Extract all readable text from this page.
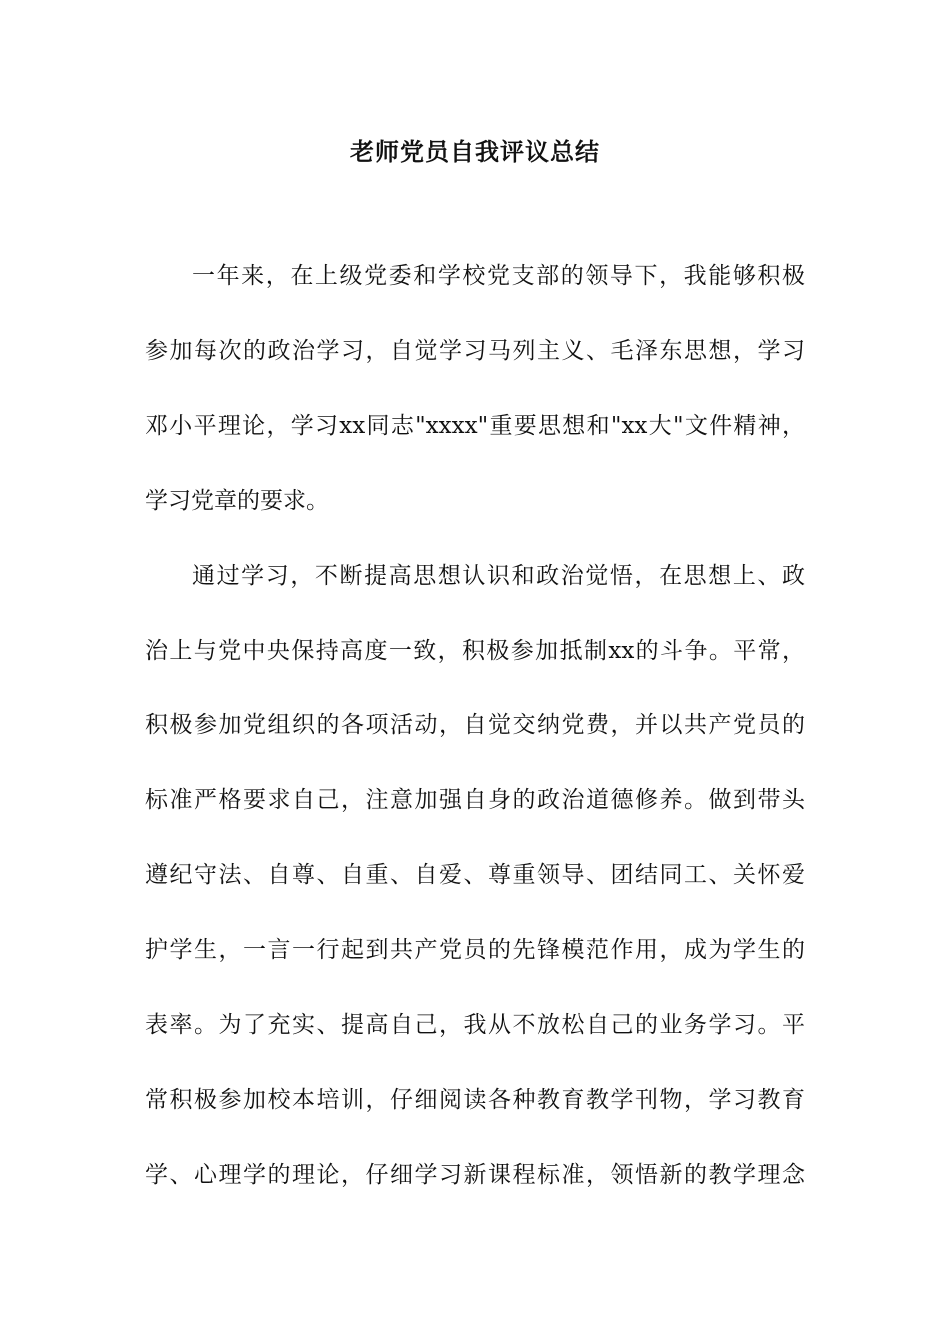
老师党员自我评议总结

一年来，在上级党委和学校党支部的领导下，我能够积极

参加每次的政治学习，自觉学习马列主义、毛泽东思想，学习

邓小平理论，学习xx同志"xxxx"重要思想和"xx大"文件精神，

学习党章的要求。

通过学习，不断提高思想认识和政治觉悟，在思想上、政

治上与党中央保持高度一致，积极参加抵制xx的斗争。平常，

积极参加党组织的各项活动，自觉交纳党费，并以共产党员的

标准严格要求自己，注意加强自身的政治道德修养。做到带头

遵纪守法、自尊、自重、自爱、尊重领导、团结同工、关怀爱

护学生，一言一行起到共产党员的先锋模范作用，成为学生的

表率。为了充实、提高自己，我从不放松自己的业务学习。平

常积极参加校本培训，仔细阅读各种教育教学刊物，学习教育

学、心理学的理论，仔细学习新课程标准，领悟新的教学理念
